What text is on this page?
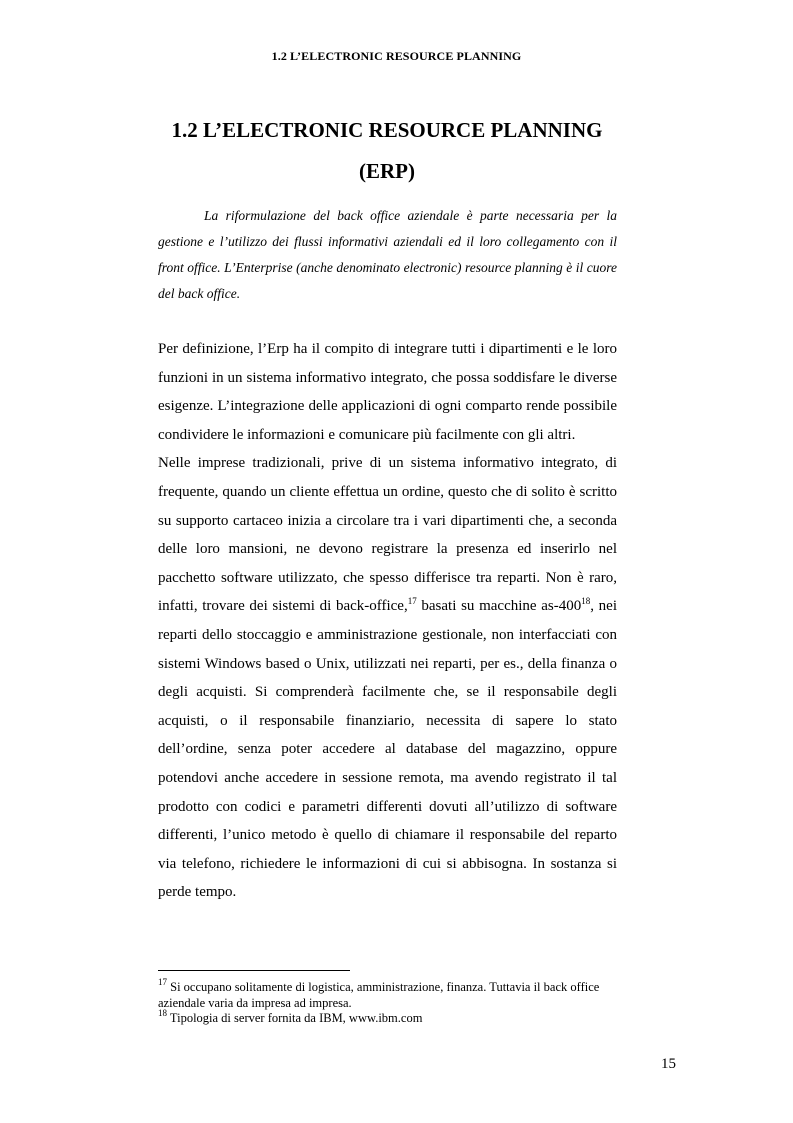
1.2 L’ELECTRONIC RESOURCE PLANNING
1.2 L’ELECTRONIC RESOURCE PLANNING
(ERP)
La riformulazione del back office aziendale è parte necessaria per la gestione e l’utilizzo dei flussi informativi aziendali ed il loro collegamento con il front office. L’Enterprise (anche denominato electronic) resource planning è il cuore del back office.

Per definizione, l’Erp ha il compito di integrare tutti i dipartimenti e le loro funzioni in un sistema informativo integrato, che possa soddisfare le diverse esigenze. L’integrazione delle applicazioni di ogni comparto rende possibile condividere le informazioni e comunicare più facilmente con gli altri.

Nelle imprese tradizionali, prive di un sistema informativo integrato, di frequente, quando un cliente effettua un ordine, questo che di solito è scritto su supporto cartaceo inizia a circolare tra i vari dipartimenti che, a seconda delle loro mansioni, ne devono registrare la presenza ed inserirlo nel pacchetto software utilizzato, che spesso differisce tra reparti. Non è raro, infatti, trovare dei sistemi di back-office,$^{17}$ basati su macchine $as-400^{18}$, nei reparti dello stoccaggio e amministrazione gestionale, non interfacciati con sistemi Windows based o Unix, utilizzati nei reparti, per es., della finanza o degli acquisti. Si comprenderà facilmente che, se il responsabile degli acquisti, o il responsabile finanziario, necessita di sapere lo stato dell’ordine, senza poter accedere al database del magazzino, oppure potendovi anche accedere in sessione remota, ma avendo registrato il tal prodotto con codici e parametri differenti dovuti all’utilizzo di software differenti, l’unico metodo è quello di chiamare il responsabile del reparto via telefono, richiedere le informazioni di cui si abbisogna. In sostanza si perde tempo.

$^{17}$ Si occupano solitamente di logistica, amministrazione, finanza. Tuttavia il back office aziendale varia da impresa ad impresa.

$^{18}$ Tipologia di server fornita da IBM, www.ibm.com

15
